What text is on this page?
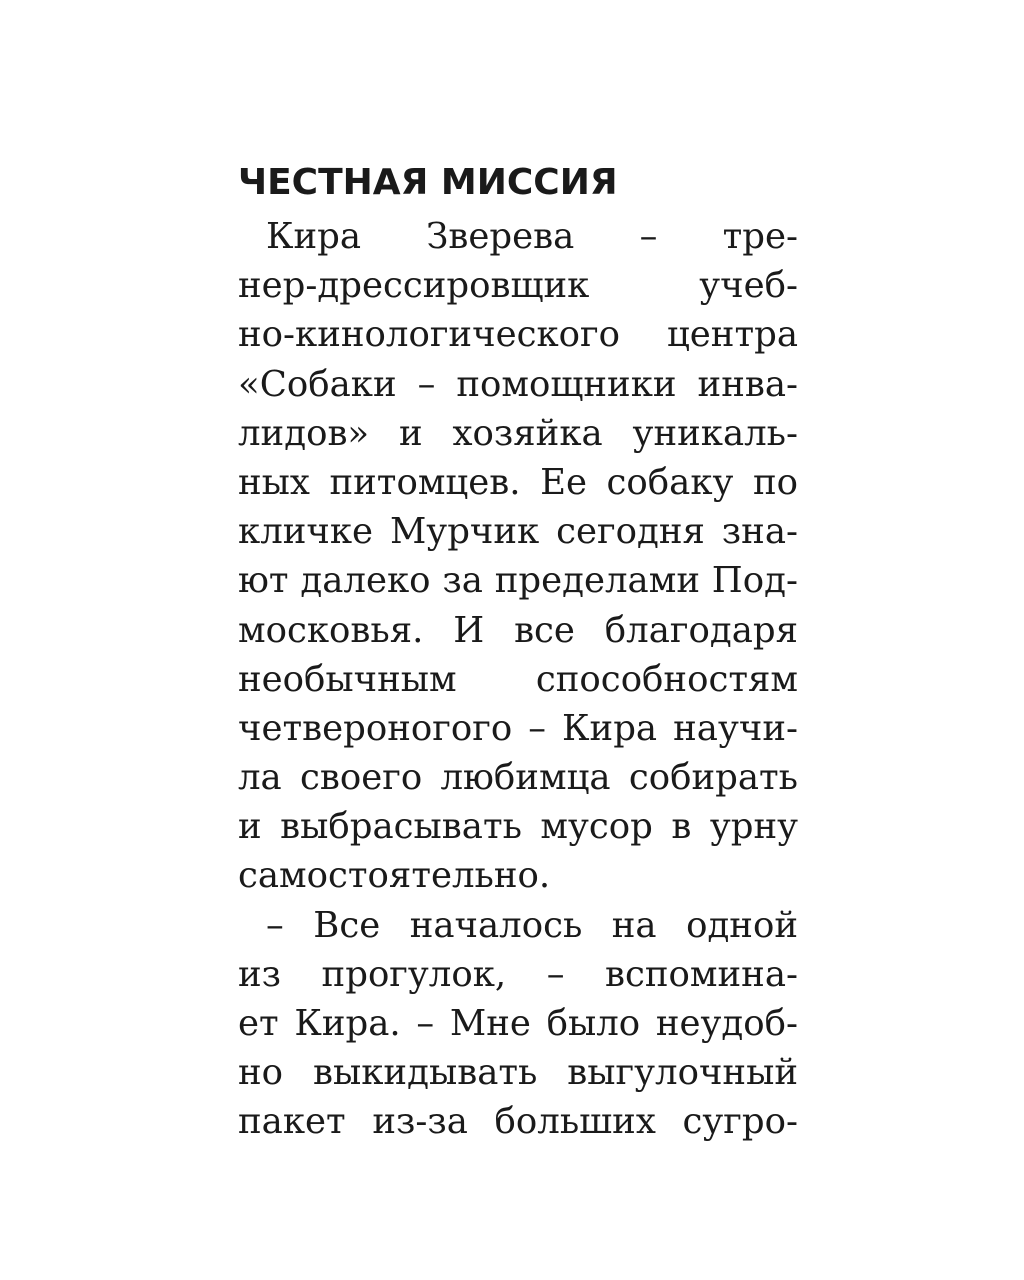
ЧЕСТНАЯ МИССИЯ
Кира Зверева – тре-
нер-дрессировщик учеб-
но-кинологического центра
«Собаки – помощники инва-
лидов» и хозяйка уникаль-
ных питомцев. Ее собаку по
кличке Мурчик сегодня зна-
ют далеко за пределами Под-
московья. И все благодаря
необычным способностям
четвероногого – Кира научи-
ла своего любимца собирать
и выбрасывать мусор в урну
самостоятельно.
– Все началось на одной
из прогулок, – вспомина-
ет Кира. – Мне было неудоб-
но выкидывать выгулочный
пакет из-за больших сугро-
